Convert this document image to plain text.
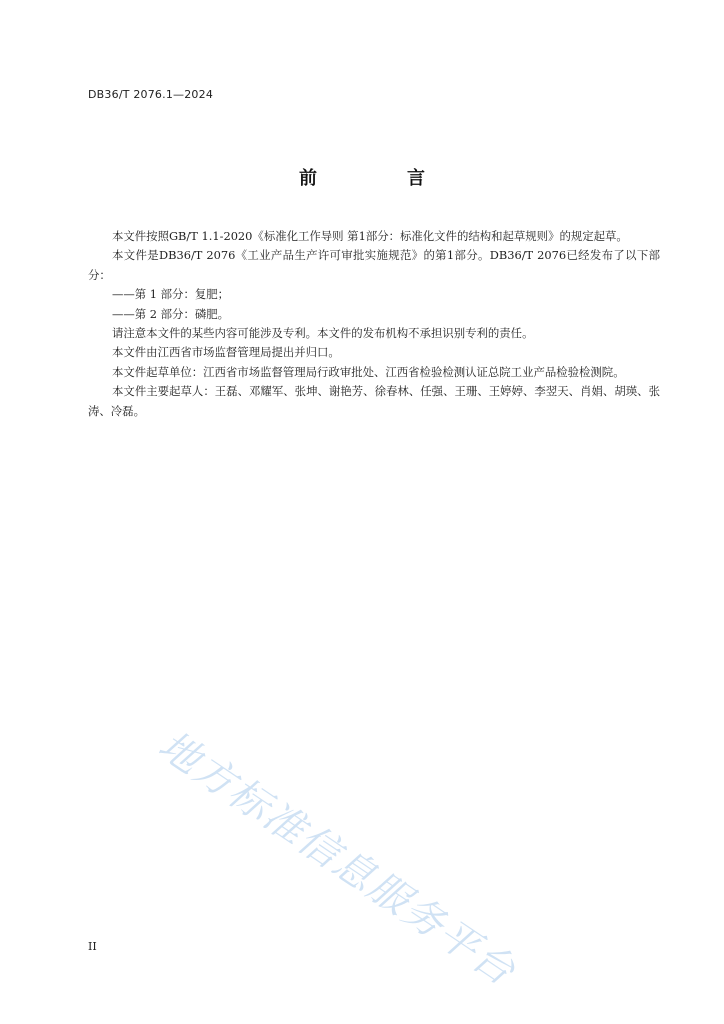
DB36/T 2076.1—2024
前　言

本文件按照GB/T 1.1-2020《标准化工作导则 第1部分：标准化文件的结构和起草规则》的规定起草。

本文件是DB36/T 2076《工业产品生产许可审批实施规范》的第1部分。DB36/T 2076已经发布了以下部分：

——第 1 部分：复肥；

——第 2 部分：磷肥。

请注意本文件的某些内容可能涉及专利。本文件的发布机构不承担识别专利的责任。

本文件由江西省市场监督管理局提出并归口。

本文件起草单位：江西省市场监督管理局行政审批处、江西省检验检测认证总院工业产品检验检测院。

本文件主要起草人：王磊、邓耀军、张坤、谢艳芳、徐春林、任强、王珊、王婷婷、李翌天、肖娟、胡瑛、张涛、冷磊。

地方标准信息服务平台
II
